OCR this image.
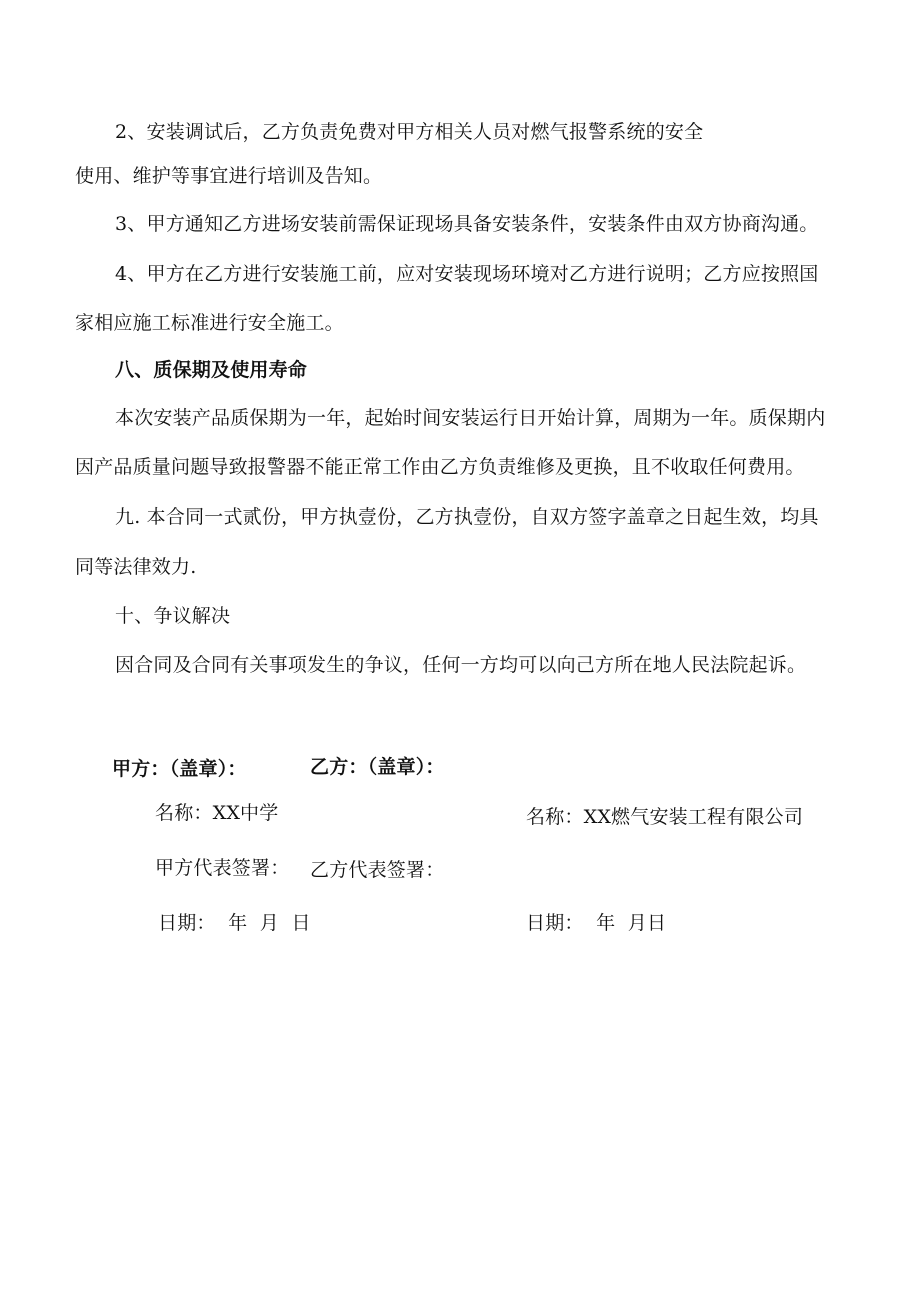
2、安装调试后，乙方负责免费对甲方相关人员对燃气报警系统的安全
使用、维护等事宜进行培训及告知。
3、甲方通知乙方进场安装前需保证现场具备安装条件，安装条件由双方协商沟通。
4、甲方在乙方进行安装施工前，应对安装现场环境对乙方进行说明；乙方应按照国
家相应施工标准进行安全施工。
八、质保期及使用寿命
本次安装产品质保期为一年，起始时间安装运行日开始计算，周期为一年。质保期内
因产品质量问题导致报警器不能正常工作由乙方负责维修及更换，且不收取任何费用。
九. 本合同一式贰份，甲方执壹份，乙方执壹份，自双方签字盖章之日起生效，均具
同等法律效力.
十、争议解决
因合同及合同有关事项发生的争议，任何一方均可以向己方所在地人民法院起诉。
甲方：（盖章）：	乙方：（盖章）：
名称：XX中学	名称：XX燃气安装工程有限公司
甲方代表签署： 乙方代表签署：
日期：  年  月  日	日期：  年  月日
